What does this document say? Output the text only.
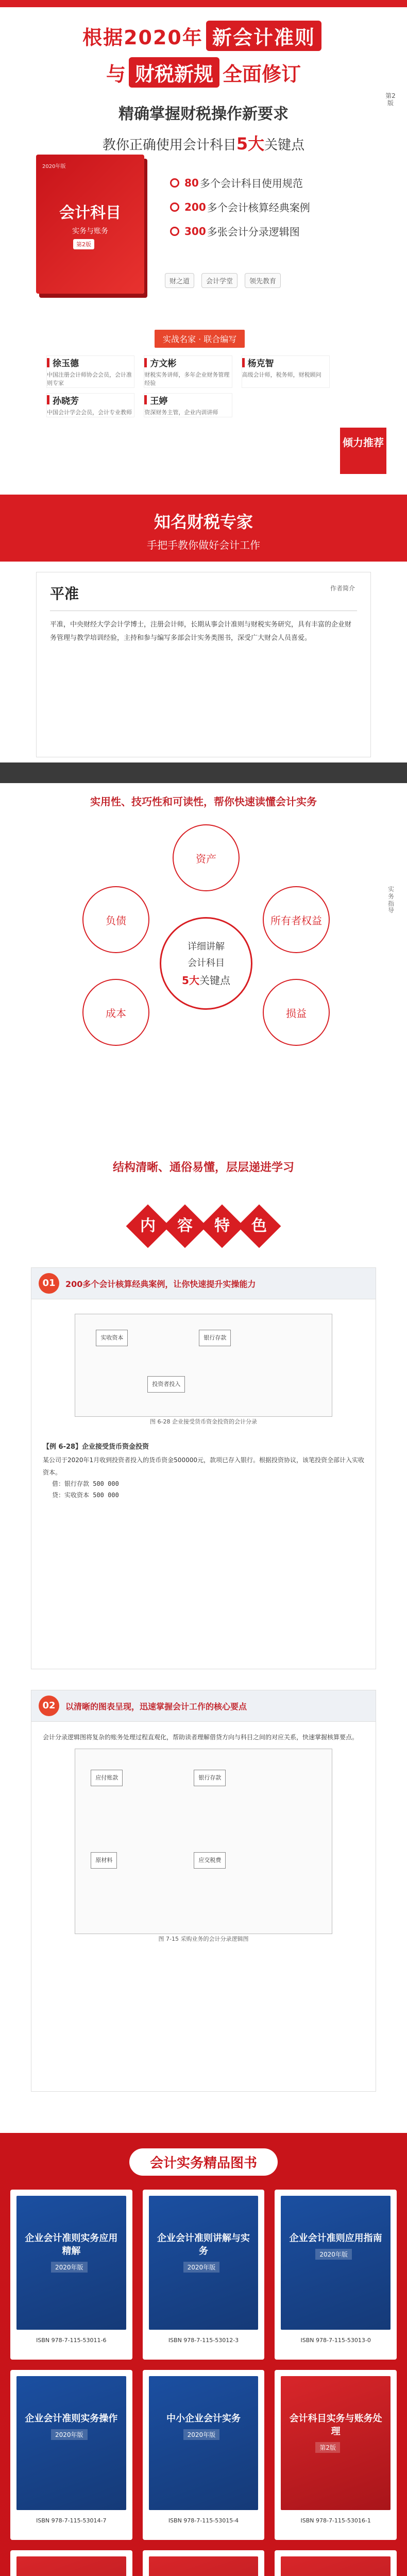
根据2020年 新会计准则
与 财税新规 全面修订
精确掌握财税操作新要求
教你正确使用会计科目5大关键点
第2版
2020年版
会计科目
实务与账务
第2版
80 多个会计科目使用规范
200 多个会计核算经典案例
300 多张会计分录逻辑图
财之道	会计学堂	领先教育
实战名家 · 联合编写
徐玉德
中国注册会计师协会会员，会计准则专家
方文彬
财税实务讲师，多年企业财务管理经验
杨克智
高级会计师，税务师，财税顾问
孙晓芳
中国会计学会会员，会计专业教师
王婷
资深财务主管，企业内训讲师
倾力推荐
知名财税专家
手把手教你做好会计工作
平准	作者简介
平准，中央财经大学会计学博士，注册会计师，长期从事会计准则与财税实务研究，具有丰富的企业财务管理与教学培训经验，主持和参与编写多部会计实务类图书，深受广大财会人员喜爱。
实用性、技巧性和可读性，帮你快速读懂会计实务
实务指导
资产
负债	所有者权益
成本	损益
详细讲解
会计科目
5大关键点
结构清晰、通俗易懂，层层递进学习
内 容 特 色
01	200多个会计核算经典案例，让你快速提升实操能力
实收资本	银行存款
投资者投入
图 6-28 企业接受货币资金投资的会计分录
【例 6-28】企业接受货币资金投资
某公司于2020年1月收到投资者投入的货币资金500000元，款项已存入银行。根据投资协议，该笔投资全部计入实收资本。
借：银行存款 500 000
贷：实收资本 500 000
02	以清晰的图表呈现，迅速掌握会计工作的核心要点
会计分录逻辑图将复杂的账务处理过程直观化，帮助读者理解借贷方向与科目之间的对应关系，快速掌握核算要点。
应付账款	银行存款
原材料	应交税费
图 7-15 采购业务的会计分录逻辑图
会计实务精品图书
企业会计准则实务应用精解
2020年版
ISBN 978-7-115-53011-6
企业会计准则讲解与实务
2020年版
ISBN 978-7-115-53012-3
企业会计准则应用指南
2020年版
ISBN 978-7-115-53013-0
企业会计准则实务操作
2020年版
ISBN 978-7-115-53014-7
中小企业会计实务
2020年版
ISBN 978-7-115-53015-4
会计科目实务与账务处理
第2版
ISBN 978-7-115-53016-1
